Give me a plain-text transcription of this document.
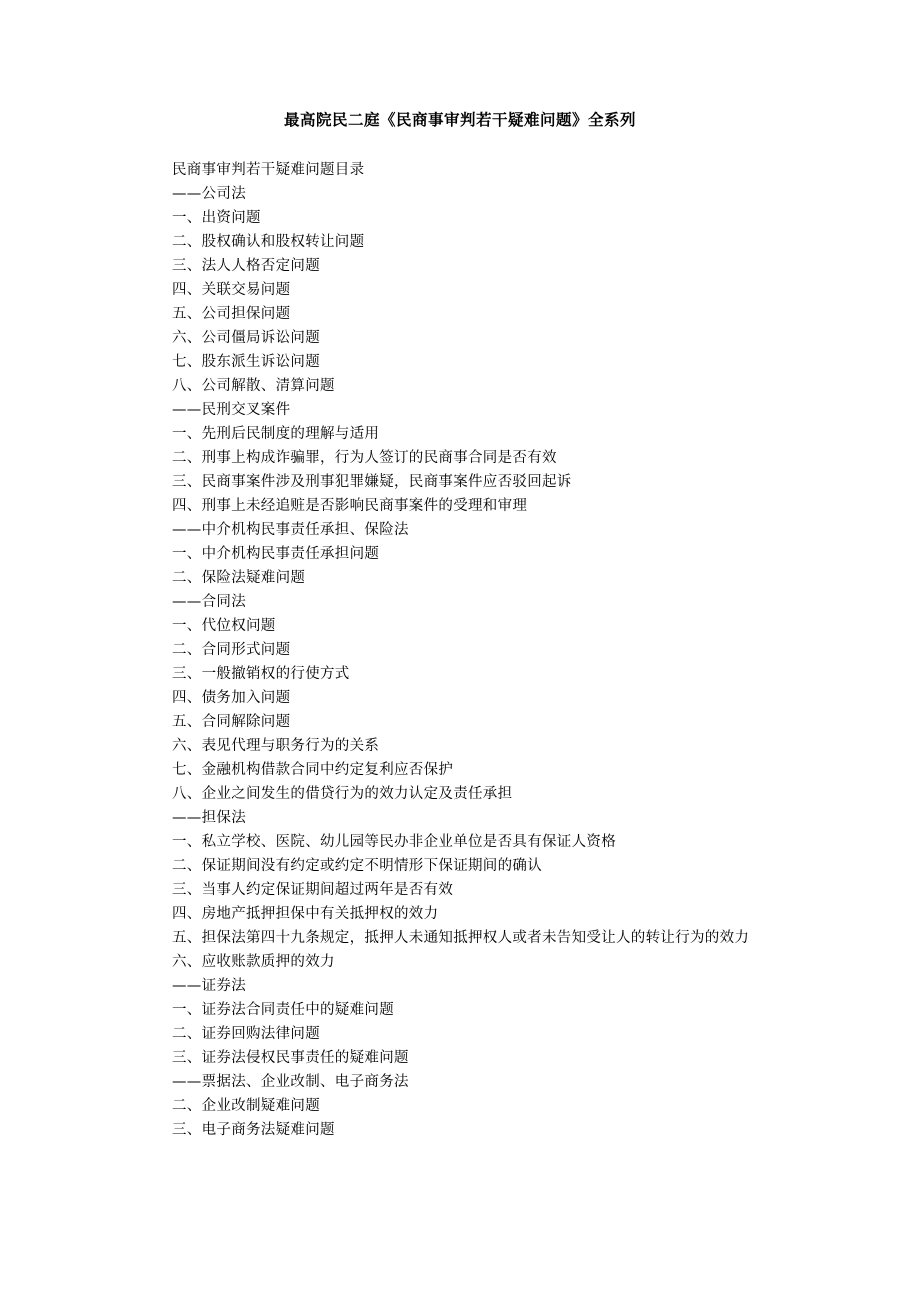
最高院民二庭《民商事审判若干疑难问题》全系列
民商事审判若干疑难问题目录
——公司法
一、出资问题
二、股权确认和股权转让问题
三、法人人格否定问题
四、关联交易问题
五、公司担保问题
六、公司僵局诉讼问题
七、股东派生诉讼问题
八、公司解散、清算问题
——民刑交叉案件
一、先刑后民制度的理解与适用
二、刑事上构成诈骗罪，行为人签订的民商事合同是否有效
三、民商事案件涉及刑事犯罪嫌疑，民商事案件应否驳回起诉
四、刑事上未经追赃是否影响民商事案件的受理和审理
——中介机构民事责任承担、保险法
一、中介机构民事责任承担问题
二、保险法疑难问题
——合同法
一、代位权问题
二、合同形式问题
三、一般撤销权的行使方式
四、债务加入问题
五、合同解除问题
六、表见代理与职务行为的关系
七、金融机构借款合同中约定复利应否保护
八、企业之间发生的借贷行为的效力认定及责任承担
——担保法
一、私立学校、医院、幼儿园等民办非企业单位是否具有保证人资格
二、保证期间没有约定或约定不明情形下保证期间的确认
三、当事人约定保证期间超过两年是否有效
四、房地产抵押担保中有关抵押权的效力
五、担保法第四十九条规定，抵押人未通知抵押权人或者未告知受让人的转让行为的效力
六、应收账款质押的效力
——证券法
一、证券法合同责任中的疑难问题
二、证券回购法律问题
三、证券法侵权民事责任的疑难问题
——票据法、企业改制、电子商务法
二、企业改制疑难问题
三、电子商务法疑难问题
